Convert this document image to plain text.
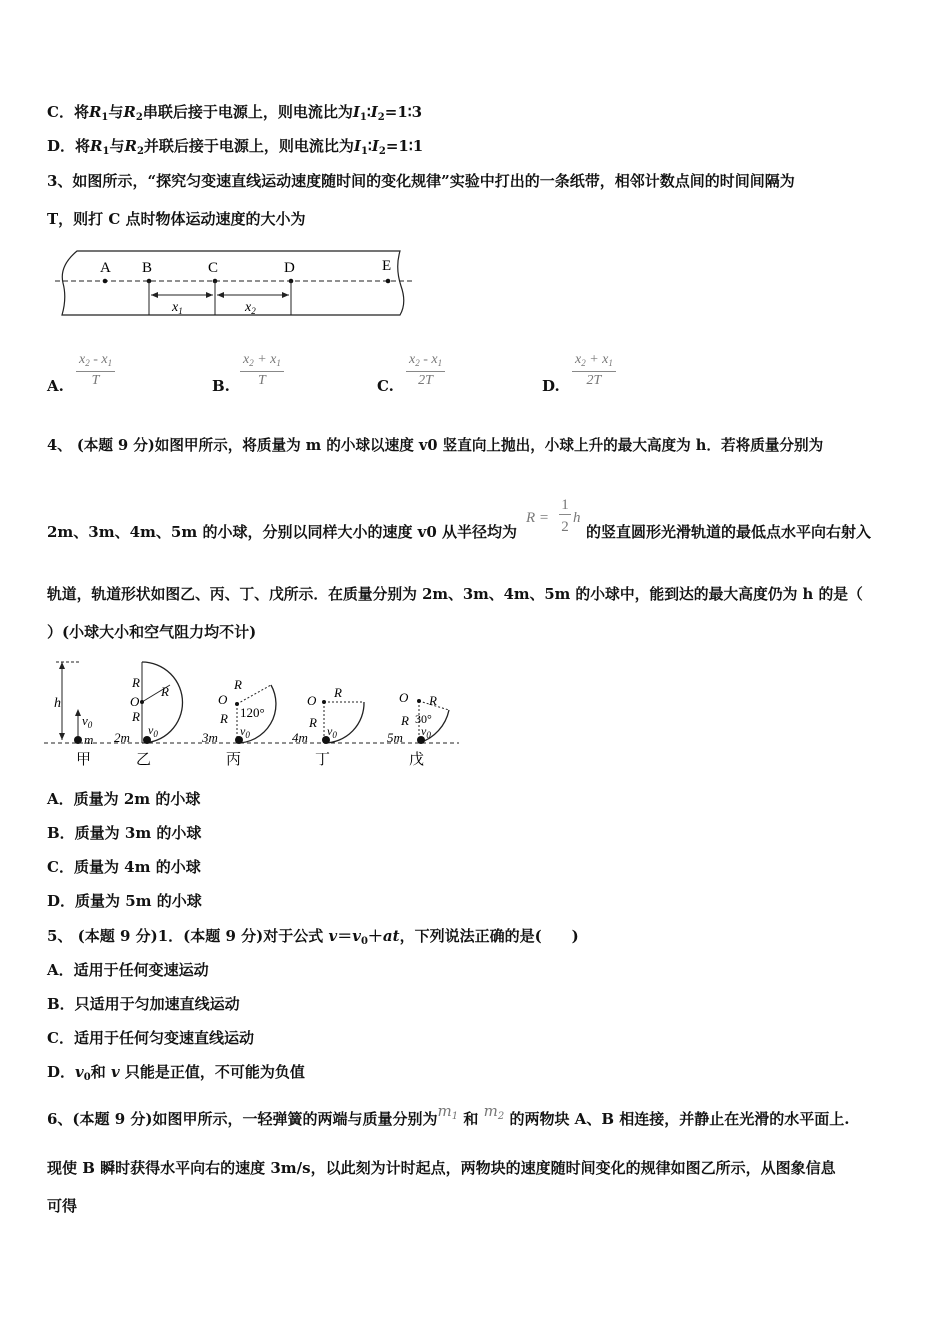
C．将$R_1$与$R_2$串联后接于电源上，则电流比为$I_1∶I_2=1∶3$
D．将$R_1$与$R_2$并联后接于电源上，则电流比为$I_1∶I_2=1∶1$
3、如图所示，“探究匀变速直线运动速度随时间的变化规律”实验中打出的一条纸带，相邻计数点间的时间间隔为
T，则打 C 点时物体运动速度的大小为
A B	C	D	E
$x_1$	$x_2$
A. $\frac{x_2 - x_1}{T}$	B. $\frac{x_2 + x_1}{T}$	C. $\frac{x_2 - x_1}{2T}$	D. $\frac{x_2 + x_1}{2T}$
4、 (本题 9 分)如图甲所示，将质量为 m 的小球以速度 v0 竖直向上抛出，小球上升的最大高度为 h．若将质量分别为
2m、3m、4m、5m 的小球，分别以同样大小的速度 v0 从半径均为
R =
1
2
h
的竖直圆形光滑轨道的最低点水平向右射入
轨道，轨道形状如图乙、丙、丁、戊所示．在质量分别为 2m、3m、4m、5m 的小球中，能到达的最大高度仍为 h 的是（
）(小球大小和空气阻力均不计)
h
$v_0$
m
R
O
R
R
2m $v_0$
O
R
R
120°
3m $v_0$
O
R
R
4m $v_0$
O R
R 30°
5m $v_0$
甲	乙	丙	丁	戊
A．质量为 2m 的小球
B．质量为 3m 的小球
C．质量为 4m 的小球
D．质量为 5m 的小球
5、 (本题 9 分)1．(本题 9 分)对于公式 $v=v_0+at$，下列说法正确的是(　　)
A．适用于任何变速运动
B．只适用于匀加速直线运动
C．适用于任何匀变速直线运动
D．$v_0$和 v 只能是正值，不可能为负值
6、(本题 9 分)如图甲所示，一轻弹簧的两端与质量分别为$m_1$ 和 $m_2$ 的两物块 A、B 相连接，并静止在光滑的水平面上.
现使 B 瞬时获得水平向右的速度 3m/s，以此刻为计时起点，两物块的速度随时间变化的规律如图乙所示，从图象信息
可得
